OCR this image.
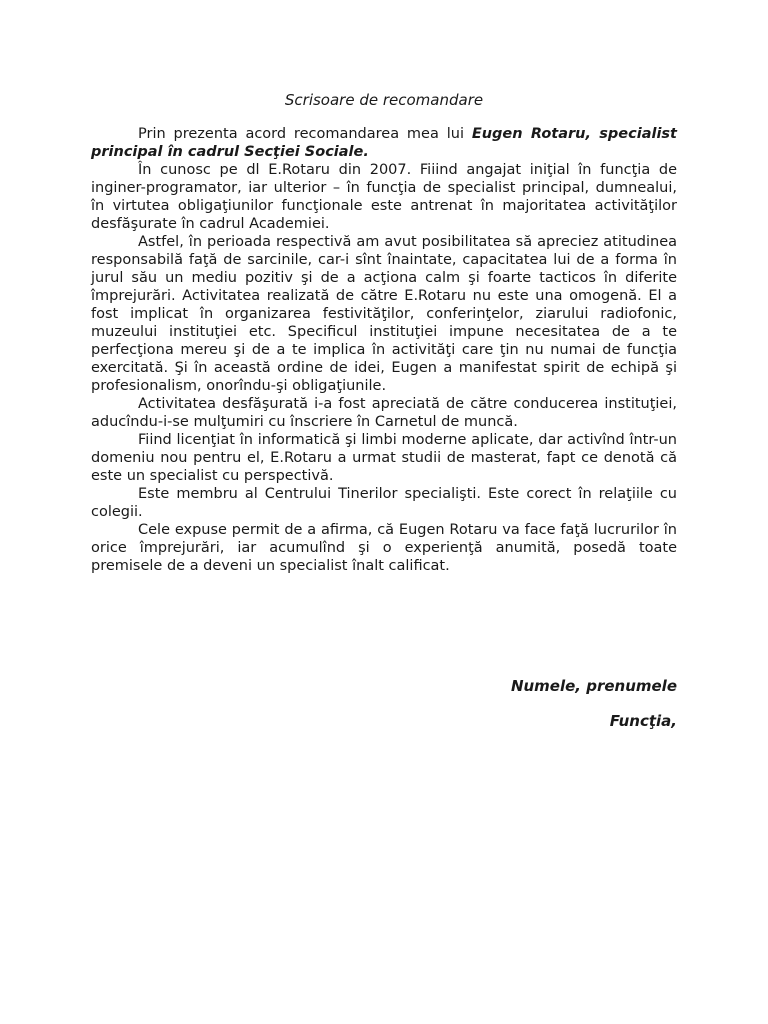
Scrisoare de recomandare

Prin prezenta acord recomandarea mea lui Eugen Rotaru, specialist principal în cadrul Secţiei Sociale.

În cunosc pe dl E.Rotaru din 2007. Fiiind angajat iniţial în funcţia de inginer-programator, iar ulterior – în funcţia de specialist principal, dumnealui, în virtutea obligaţiunilor funcţionale este antrenat în majoritatea activităţilor desfăşurate în cadrul Academiei.

Astfel, în perioada respectivă am avut posibilitatea să apreciez atitudinea responsabilă faţă de sarcinile, car-i sînt înaintate, capacitatea lui de a forma în jurul său un mediu pozitiv şi de a acţiona calm şi foarte tacticos în diferite împrejurări. Activitatea realizată de către E.Rotaru nu este una omogenă. El a fost implicat în organizarea festivităţilor, conferinţelor, ziarului radiofonic, muzeului instituţiei etc. Specificul instituţiei impune necesitatea de a te perfecţiona mereu şi de a te implica în activităţi care ţin nu numai de funcţia exercitată. Şi în această ordine de idei, Eugen a manifestat spirit de echipă şi profesionalism, onorîndu-şi obligaţiunile.

Activitatea desfăşurată i-a fost apreciată de către conducerea instituţiei, aducîndu-i-se mulţumiri cu înscriere în Carnetul de muncă.

Fiind licenţiat în informatică şi limbi moderne aplicate, dar activînd într-un domeniu nou pentru el, E.Rotaru a urmat studii de masterat, fapt ce denotă că este un specialist cu perspectivă.

Este membru al Centrului Tinerilor specialişti. Este corect în relaţiile cu colegii.

Cele expuse permit de a afirma, că Eugen Rotaru va face faţă lucrurilor în orice împrejurări, iar acumulînd şi o experienţă anumită, posedă toate premisele de a deveni un specialist înalt calificat.

Numele, prenumele

Funcţia,
